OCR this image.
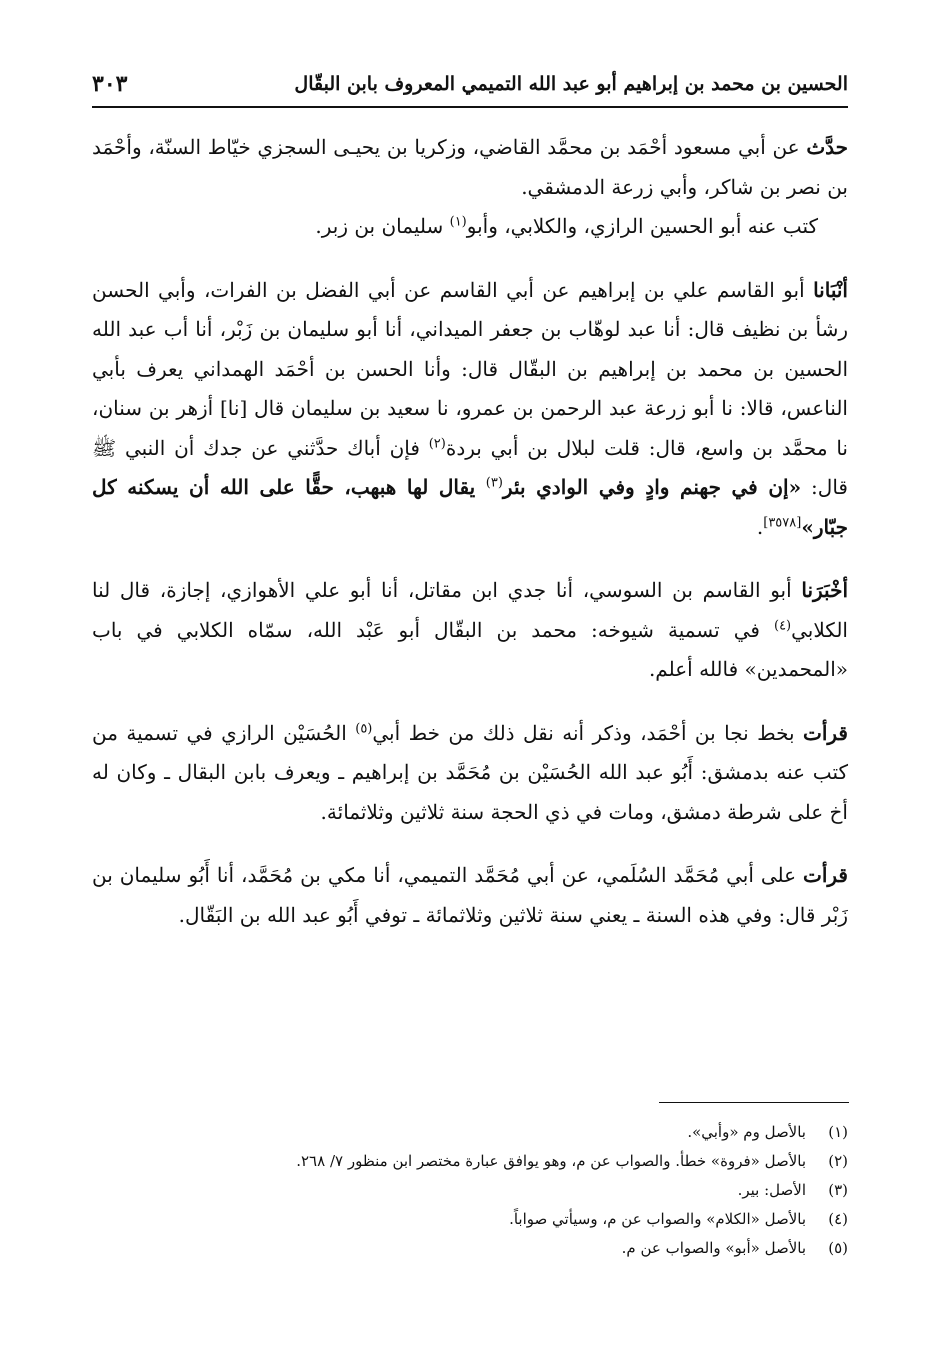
الحسين بن محمد بن إبراهيم أبو عبد الله التميمي المعروف بابن البقّال
٣٠٣

حدَّث عن أبي مسعود أحْمَد بن محمَّد القاضي، وزكريا بن يحيـى السجزي خيّاط السنّة، وأحْمَد بن نصر بن شاكر، وأبي زرعة الدمشقي.

كتب عنه أبو الحسين الرازي، والكلابي، وأبو$^{(١)}$ سليمان بن زبر.

أنْبَانا أبو القاسم علي بن إبراهيم عن أبي القاسم عن أبي الفضل بن الفرات، وأبي الحسن رشأ بن نظيف قال: أنا عبد لوهّاب بن جعفر الميداني، أنا أبو سليمان بن زَبْر، أنا أب عبد الله الحسين بن محمد بن إبراهيم بن البقّال قال: وأنا الحسن بن أحْمَد الهمداني يعرف بأبي الناعس، قالا: نا أبو زرعة عبد الرحمن بن عمرو، نا سعيد بن سليمان قال [نا] أزهر بن سنان، نا محمَّد بن واسع، قال: قلت لبلال بن أبي بردة$^{(٢)}$ فإن أباك حدَّثني عن جدك أن النبي ﷺ قال: «إن في جهنم وادٍ وفي الوادي بئر$^{(٣)}$ يقال لها هبهب، حقًّا على الله أن يسكنه كل جبّار»[٣٥٧٨].

أخْبَرَنا أبو القاسم بن السوسي، أنا جدي ابن مقاتل، أنا أبو علي الأهوازي، إجازة، قال لنا الكلابي$^{(٤)}$ في تسمية شيوخه: محمد بن البقّال أبو عَبْد الله، سمّاه الكلابي في باب «المحمدين» فالله أعلم.

قرأت بخط نجا بن أحْمَد، وذكر أنه نقل ذلك من خط أبي$^{(٥)}$ الحُسَيْن الرازي في تسمية من كتب عنه بدمشق: أَبُو عبد الله الحُسَيْن بن مُحَمَّد بن إبراهيم ـ ويعرف بابن البقال ـ وكان له أخ على شرطة دمشق، ومات في ذي الحجة سنة ثلاثين وثلاثمائة.

قرأت على أبي مُحَمَّد السُلَمي، عن أبي مُحَمَّد التميمي، أنا مكي بن مُحَمَّد، أنا أَبُو سليمان بن زَبْر قال: وفي هذه السنة ـ يعني سنة ثلاثين وثلاثمائة ـ توفي أَبُو عبد الله بن البَقّال.

(١)
بالأصل وم «وأبي».
(٢)
بالأصل «فروة» خطأ. والصواب عن م، وهو يوافق عبارة مختصر ابن منظور ٧/ ٢٦٨.
(٣)
الأصل: بير.
(٤)
بالأصل «الكلام» والصواب عن م، وسيأتي صواباً.
(٥)
بالأصل «أبو» والصواب عن م.
